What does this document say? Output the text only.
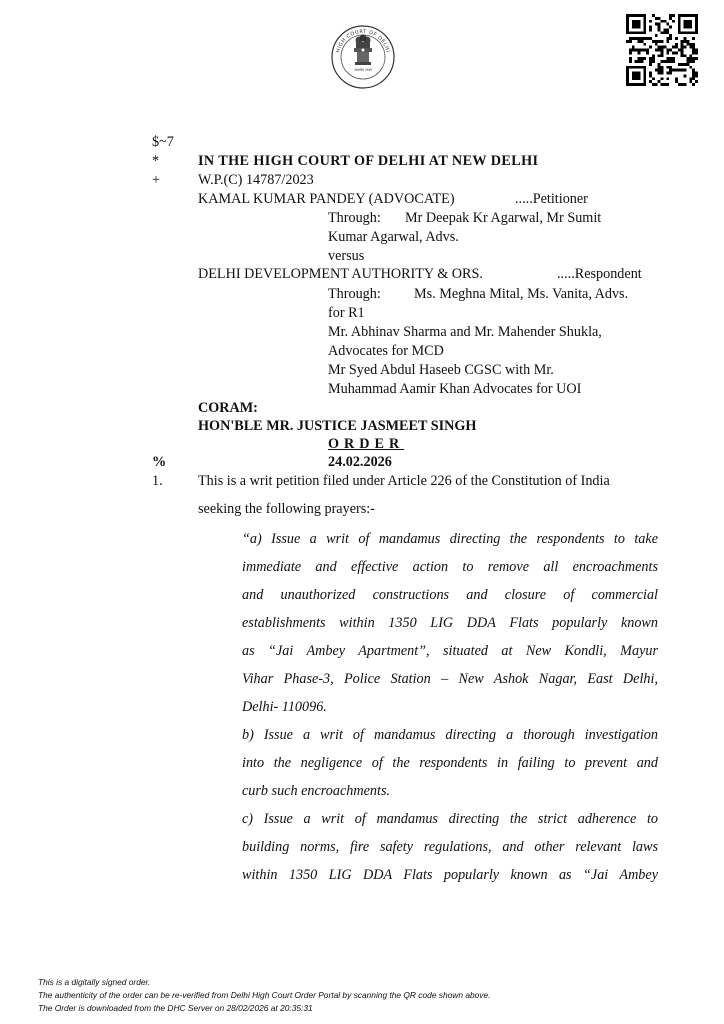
सत्यमेव जयते
HIGH COURT OF DELHI
$~7
*	IN THE HIGH COURT OF DELHI AT NEW DELHI
+	W.P.(C) 14787/2023
KAMAL KUMAR PANDEY (ADVOCATE)	.....Petitioner
Through: Mr Deepak Kr Agarwal, Mr Sumit
Kumar Agarwal, Advs.
versus
DELHI DEVELOPMENT AUTHORITY & ORS.	.....Respondent
Through: Ms. Meghna Mital, Ms. Vanita, Advs.
for R1
Mr. Abhinav Sharma and Mr. Mahender Shukla,
Advocates for MCD
Mr Syed Abdul Haseeb CGSC with Mr.
Muhammad Aamir Khan Advocates for UOI
CORAM:
HON'BLE MR. JUSTICE JASMEET SINGH
ORDER
%	24.02.2026
1. This is a writ petition filed under Article 226 of the Constitution of India
seeking the following prayers:-
“a) Issue a writ of mandamus directing the respondents to take
immediate and effective action to remove all encroachments
and unauthorized constructions and closure of commercial
establishments within 1350 LIG DDA Flats popularly known
as “Jai Ambey Apartment”, situated at New Kondli, Mayur
Vihar Phase-3, Police Station – New Ashok Nagar, East Delhi,
Delhi- 110096.
b) Issue a writ of mandamus directing a thorough investigation
into the negligence of the respondents in failing to prevent and
curb such encroachments.
c) Issue a writ of mandamus directing the strict adherence to
building norms, fire safety regulations, and other relevant laws
within 1350 LIG DDA Flats popularly known as “Jai Ambey
This is a digitally signed order.
The authenticity of the order can be re-verified from Delhi High Court Order Portal by scanning the QR code shown above.
The Order is downloaded from the DHC Server on 28/02/2026 at 20:35:31
